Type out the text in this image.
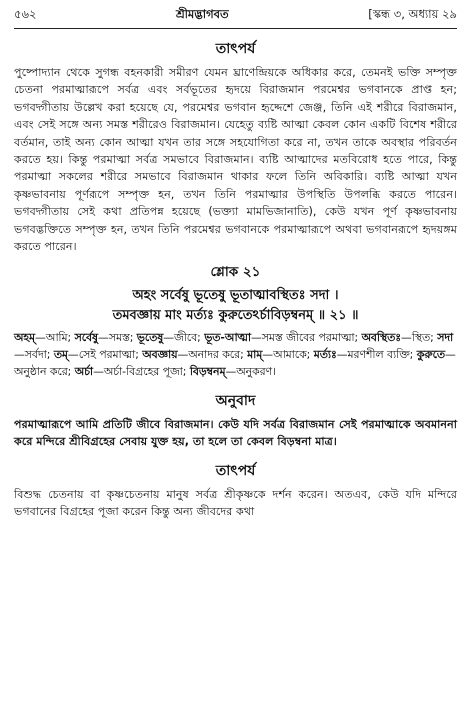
৫৬২	শ্রীমদ্ভাগবত	[স্কন্ধ ৩, অধ্যায় ২৯
তাৎপর্য

পুষ্পোদ্যান থেকে সুগন্ধ বহনকারী সমীরণ যেমন ঘ্রাণেন্দ্রিয়কে অধিকার করে, তেমনই ভক্তি সম্পৃক্ত চেতনা পরমাত্মারূপে সর্বত্র এবং সর্বভূতের হৃদয়ে বিরাজমান পরমেশ্বর ভগবানকে প্রাপ্ত হন; ভগবদ্গীতায় উল্লেখ করা হয়েছে যে, পরমেশ্বর ভগবান হৃদ্দেশে জেঞ্জ, তিনি এই শরীরে বিরাজমান, এবং সেই সঙ্গে অন্য সমস্ত শরীরেও বিরাজমান। যেহেতু ব্যষ্টি আত্মা কেবল কোন একটি বিশেষ শরীরে বর্তমান, তাই অন্য কোন আত্মা যখন তার সঙ্গে সহযোগিতা করে না, তখন তাকে অবস্থার পরিবর্তন করতে হয়। কিন্তু পরমাত্মা সর্বত্র সমভাবে বিরাজমান। ব্যষ্টি আত্মাদের মতবিরোধ হতে পারে, কিন্তু পরমাত্মা সকলের শরীরে সমভাবে বিরাজমান থাকার ফলে তিনি অবিকারি। ব্যষ্টি আত্মা যখন কৃষ্ণভাবনায় পূর্ণরূপে সম্পৃক্ত হন, তখন তিনি পরমাত্মার উপস্থিতি উপলব্ধি করতে পারেন। ভগবদ্গীতায় সেই কথা প্রতিপন্ন হয়েছে (ভক্ত্যা মামভিজানাতি), কেউ যখন পূর্ণ কৃষ্ণভাবনায় ভগবদ্ভক্তিতে সম্পৃক্ত হন, তখন তিনি পরমেশ্বর ভগবানকে পরমাত্মারূপে অথবা ভগবানরূপে হৃদয়ঙ্গম করতে পারেন।

শ্লোক ২১

অহং সর্বেষু ভূতেষু ভূতাত্মাবস্থিতঃ সদা ।

তমবজ্ঞায় মাং মর্ত্যঃ কুরুতেঽর্চাবিড়ম্বনম্ ॥ ২১ ॥

অহম্—আমি; সর্বেষু—সমস্ত; ভূতেষু—জীবে; ভূত-আত্মা—সমস্ত জীবের পরমাত্মা; অবস্থিতঃ—স্থিত; সদা—সর্বদা; তম্—সেই পরমাত্মা; অবজ্ঞায়—অনাদর করে; মাম্—আমাকে; মর্ত্যঃ—মরণশীল ব্যক্তি; কুরুতে—অনুষ্ঠান করে; অর্চা—অর্চা-বিগ্রহের পূজা; বিড়ম্বনম্—অনুকরণ।

অনুবাদ

পরমাত্মারূপে আমি প্রতিটি জীবে বিরাজমান। কেউ যদি সর্বত্র বিরাজমান সেই পরমাত্মাকে অবমাননা করে মন্দিরে শ্রীবিগ্রহের সেবায় যুক্ত হয়, তা হলে তা কেবল বিড়ম্বনা মাত্র।

তাৎপর্য

বিশুদ্ধ চেতনায় বা কৃষ্ণচেতনায় মানুষ সর্বত্র শ্রীকৃষ্ণকে দর্শন করেন। অতএব, কেউ যদি মন্দিরে ভগবানের বিগ্রহের পূজা করেন কিন্তু অন্য জীবদের কথা
